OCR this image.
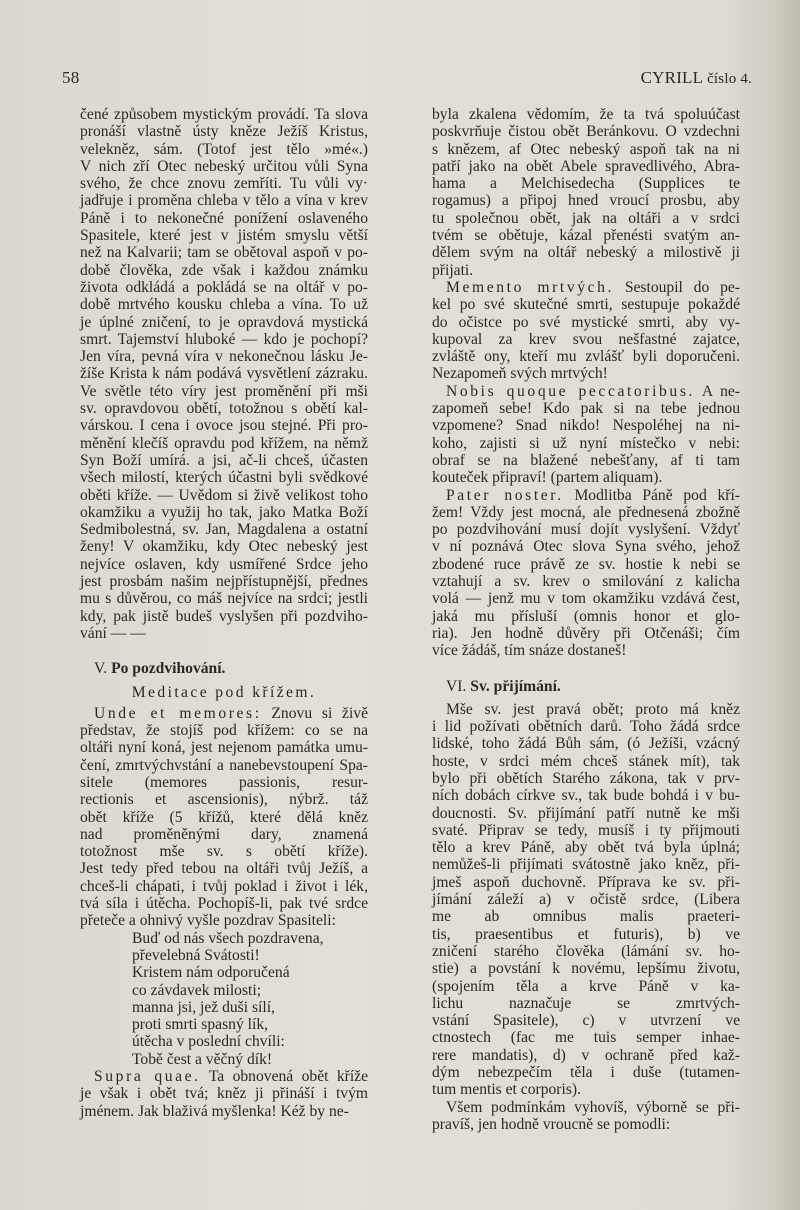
58	CYRILL číslo 4.
čené způsobem mystickým provádí. Ta slova
pronáší vlastně ústy kněze Ježíš Kristus,
velekněz, sám. (Totof jest tělo »mé«.)
V nich zří Otec nebeský určitou vůli Syna
svého, že chce znovu zemříti. Tu vůli vy·
jadřuje i proměna chleba v tělo a vína v krev
Páně i to nekonečné ponížení oslaveného
Spasitele, které jest v jistém smyslu větší
než na Kalvarii; tam se obětoval aspoň v po-
době člověka, zde však i každou známku
života odkládá a pokládá se na oltář v po-
době mrtvého kousku chleba a vína. To už
je úplné zničení, to je opravdová mystická
smrt. Tajemství hluboké — kdo je pochopí?
Jen víra, pevná víra v nekonečnou lásku Je-
žíše Krista k nám podává vysvětlení zázraku.
Ve světle této víry jest proměnění při mši
sv. opravdovou obětí, totožnou s obětí kal-
várskou. I cena i ovoce jsou stejné. Při pro-
měnění klečíš opravdu pod křížem, na němž
Syn Boží umírá. a jsi, ač-li chceš, účasten
všech milostí, kterých účastni byli svědkové
oběti kříže. — Uvědom si živě velikost toho
okamžiku a využij ho tak, jako Matka Boží
Sedmibolestná, sv. Jan, Magdalena a ostatní
ženy! V okamžiku, kdy Otec nebeský jest
nejvíce oslaven, kdy usmířené Srdce jeho
jest prosbám našim nejpřístupnější, přednes
mu s důvěrou, co máš nejvíce na srdci; jestli
kdy, pak jistě budeš vyslyšen při pozdviho-
vání — —
V. Po pozdvihování.
Meditace pod křížem.
Unde et memores: Znovu si živě
představ, že stojíš pod křížem: co se na
oltáři nyní koná, jest nejenom památka umu-
čení, zmrtvýchvstání a nanebevstoupení Spa-
sitele (memores passionis, resur-
rectionis et ascensionis), nýbrž. táž
obět kříže (5 křížů, které dělá kněz
nad proměněnými dary, znamená
totožnost mše sv. s obětí kříže).
Jest tedy před tebou na oltáři tvůj Ježíš, a
chceš-li chápati, i tvůj poklad i život i lék,
tvá síla i útěcha. Pochopíš-li, pak tvé srdce
přeteče a ohnivý vyšle pozdrav Spasiteli:
Buď od nás všech pozdravena,
převelebná Svátosti!
Kristem nám odporučená
co závdavek milosti;
manna jsi, jež duši sílí,
proti smrti spasný lík,
útěcha v poslední chvíli:
Tobě čest a věčný dík!
Supra quae. Ta obnovená obět kříže
je však i obět tvá; kněz ji přináší i tvým
jménem. Jak blaživá myšlenka! Kéž by ne-
byla zkalena vědomím, že ta tvá spoluúčast
poskvrňuje čistou obět Beránkovu. O vzdechni
s knězem, af Otec nebeský aspoň tak na ni
patří jako na obět Abele spravedlivého, Abra-
hama a Melchisedecha (Supplices te
rogamus) a připoj hned vroucí prosbu, aby
tu společnou obět, jak na oltáři a v srdci
tvém se obětuje, kázal přenésti svatým an-
dělem svým na oltář nebeský a milostivě ji
přijati.
Memento mrtvých. Sestoupil do pe-
kel po své skutečné smrti, sestupuje pokaždé
do očistce po své mystické smrti, aby vy-
kupoval za krev svou nešfastné zajatce,
zvláště ony, kteří mu zvlášť byli doporučeni.
Nezapomeň svých mrtvých!
Nobis quoque peccatoribus. A ne-
zapomeň sebe! Kdo pak si na tebe jednou
vzpomene? Snad nikdo! Nespoléhej na ni-
koho, zajisti si už nyní místečko v nebi:
obraf se na blažené nebešťany, af ti tam
kouteček připraví! (partem aliquam).
Pater noster. Modlitba Páně pod kří-
žem! Vždy jest mocná, ale přednesená zbožně
po pozdvihování musí dojít vyslyšení. Vždyť
v ní poznává Otec slova Syna svého, jehož
zbodené ruce právě ze sv. hostie k nebi se
vztahují a sv. krev o smilování z kalicha
volá — jenž mu v tom okamžiku vzdává čest,
jaká mu přísluší (omnis honor et glo-
ria). Jen hodně důvěry při Otčenáši; čím
více žádáš, tím snáze dostaneš!
VI. Sv. přijímání.
Mše sv. jest pravá obět; proto má kněz
i lid požívati obětních darů. Toho žádá srdce
lidské, toho žádá Bůh sám, (ó Ježíši, vzácný
hoste, v srdci mém chceš stánek mít), tak
bylo při obětích Starého zákona, tak v prv-
ních dobách církve sv., tak bude bohdá i v bu-
doucnosti. Sv. přijímání patří nutně ke mši
svaté. Připrav se tedy, musíš i ty přijmouti
tělo a krev Páně, aby obět tvá byla úplná;
nemůžeš-li přijímati svátostně jako kněz, při-
jmeš aspoň duchovně. Příprava ke sv. při-
jímání záleží a) v očistě srdce, (Libera
me ab omnibus malis praeteri-
tis, praesentibus et futuris), b) ve
zničení starého člověka (lámání sv. ho-
stie) a povstání k novému, lepšímu životu,
(spojením těla a krve Páně v ka-
lichu naznačuje se zmrtvých-
vstání Spasitele), c) v utvrzení ve
ctnostech (fac me tuis semper inhae-
rere mandatis), d) v ochraně před kaž-
dým nebezpečím těla i duše (tutamen-
tum mentis et corporis).
Všem podmínkám vyhovíš, výborně se při-
pravíš, jen hodně vroucně se pomodli:
